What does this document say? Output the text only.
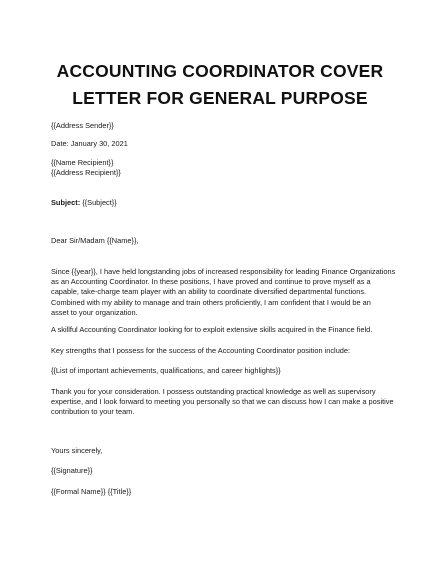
ACCOUNTING COORDINATOR COVER
LETTER FOR GENERAL PURPOSE
{{Address Sender}}
Date: January 30, 2021
{{Name Recipient}}
{{Address Recipient}}
Subject: {{Subject}}
Dear Sir/Madam {{Name}},
Since {{year}}, I have held longstanding jobs of increased responsibility for leading Finance Organizations
as an Accounting Coordinator. In these positions, I have proved and continue to prove myself as a
capable, take-charge team player with an ability to coordinate diversified departmental functions.
Combined with my ability to manage and train others proficiently, I am confident that I would be an
asset to your organization.
A skillful Accounting Coordinator looking for to exploit extensive skills acquired in the Finance field.
Key strengths that I possess for the success of the Accounting Coordinator position include:
{{List of important achievements, qualifications, and career highlights}}
Thank you for your consideration. I possess outstanding practical knowledge as well as supervisory
expertise, and I look forward to meeting you personally so that we can discuss how I can make a positive
contribution to your team.
Yours sincerely,
{{Signature}}
{{Formal Name}} {{Title}}
